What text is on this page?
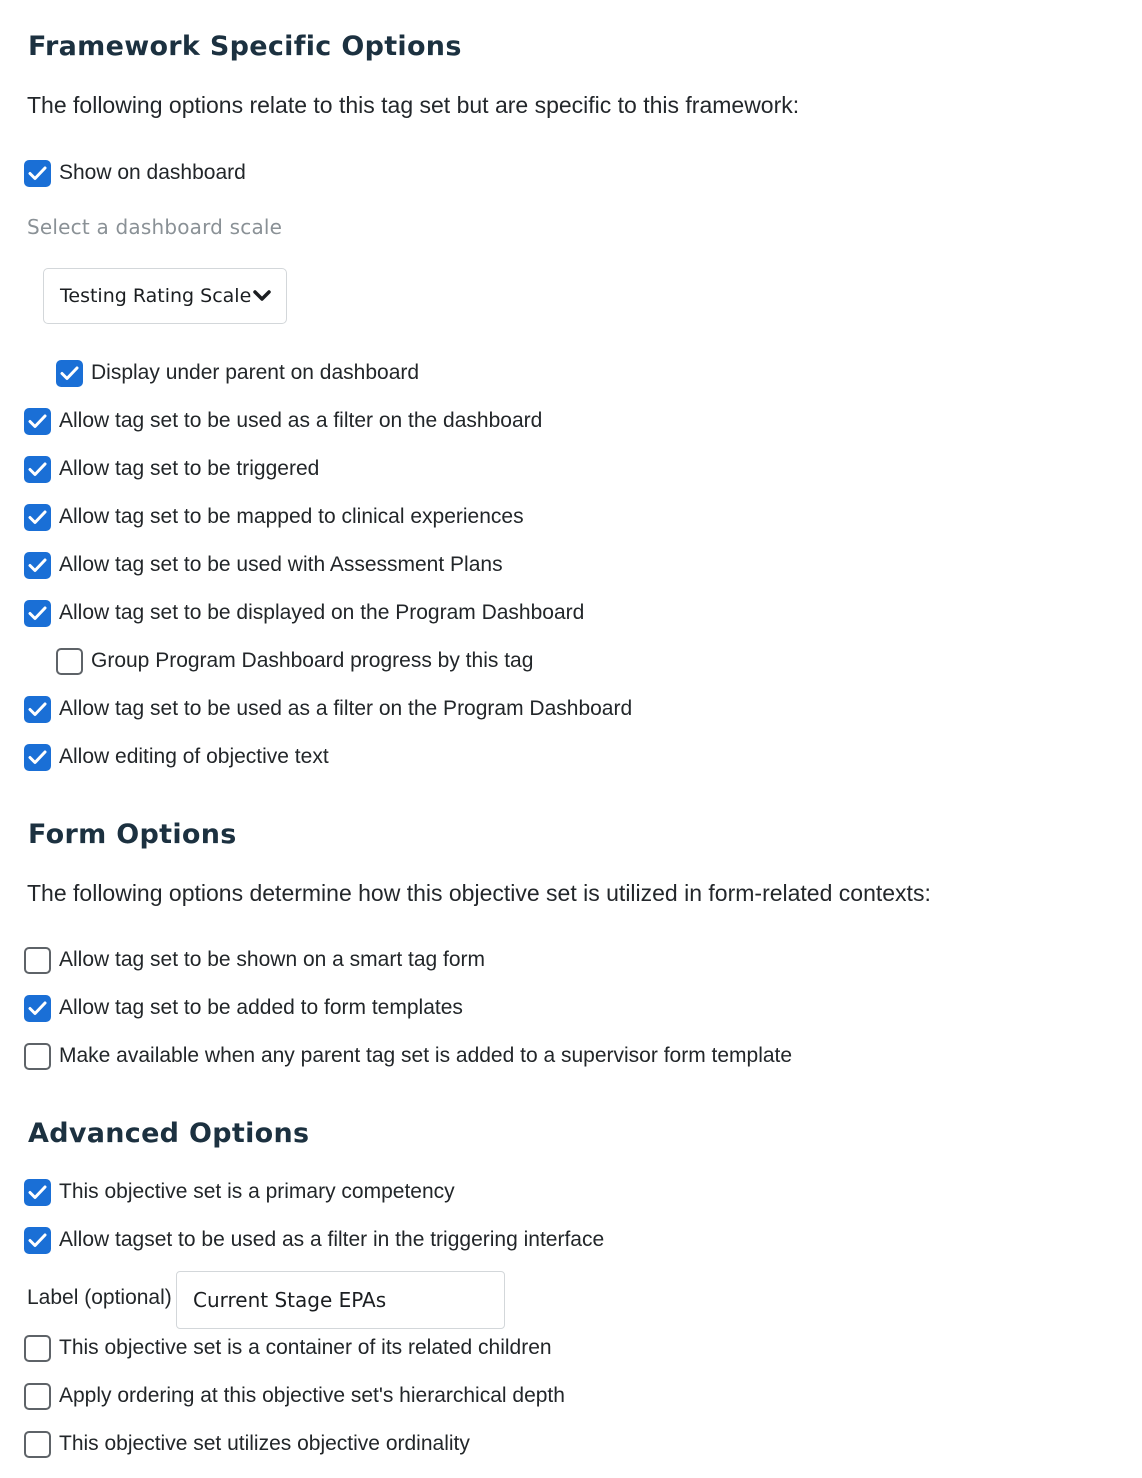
Framework Specific Options

The following options relate to this tag set but are specific to this framework:

Show on dashboard
Select a dashboard scale
Testing Rating Scale
Display under parent on dashboard
Allow tag set to be used as a filter on the dashboard
Allow tag set to be triggered
Allow tag set to be mapped to clinical experiences
Allow tag set to be used with Assessment Plans
Allow tag set to be displayed on the Program Dashboard
Group Program Dashboard progress by this tag
Allow tag set to be used as a filter on the Program Dashboard
Allow editing of objective text
Form Options

The following options determine how this objective set is utilized in form-related contexts:

Allow tag set to be shown on a smart tag form
Allow tag set to be added to form templates
Make available when any parent tag set is added to a supervisor form template
Advanced Options
This objective set is a primary competency
Allow tagset to be used as a filter in the triggering interface
Label (optional)
Current Stage EPAs
This objective set is a container of its related children
Apply ordering at this objective set's hierarchical depth
This objective set utilizes objective ordinality
